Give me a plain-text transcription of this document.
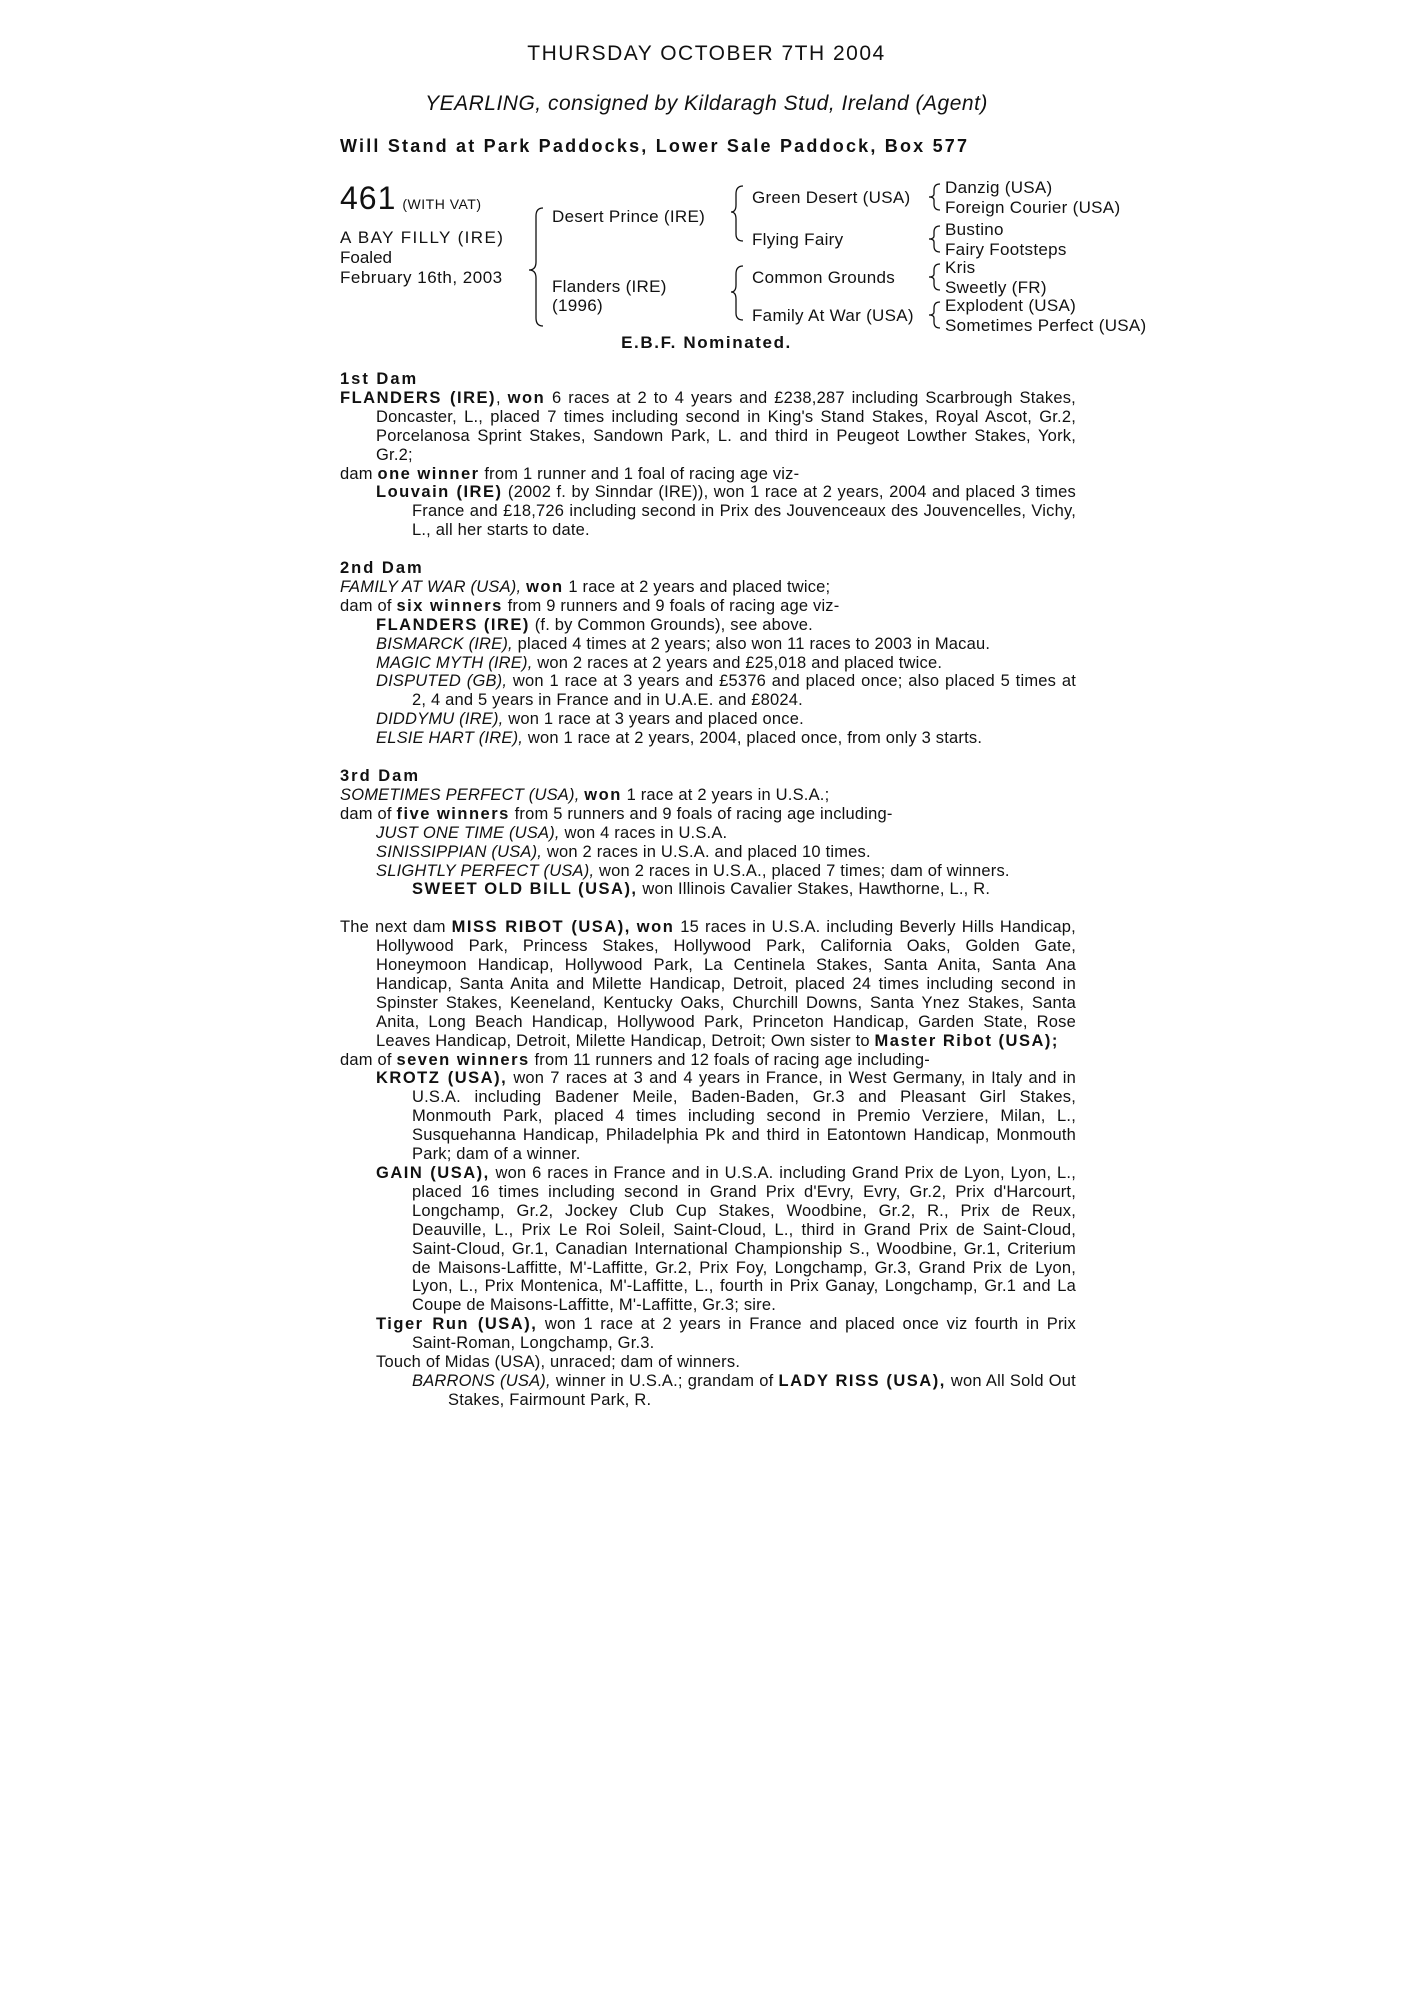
THURSDAY OCTOBER 7TH 2004
YEARLING, consigned by Kildaragh Stud, Ireland (Agent)
Will Stand at Park Paddocks, Lower Sale Paddock, Box 577
461 (WITH VAT)
A BAY FILLY (IRE)
Foaled
February 16th, 2003
Desert Prince (IRE)
Flanders (IRE)
(1996)
Green Desert (USA)
Flying Fairy
Common Grounds
Family At War (USA)
Danzig (USA)
Foreign Courier (USA)
Bustino
Fairy Footsteps
Kris
Sweetly (FR)
Explodent (USA)
Sometimes Perfect (USA)
E.B.F. Nominated.

1st Dam

FLANDERS (IRE), won 6 races at 2 to 4 years and £238,287 including Scarbrough Stakes, Doncaster, L., placed 7 times including second in King's Stand Stakes, Royal Ascot, Gr.2, Porcelanosa Sprint Stakes, Sandown Park, L. and third in Peugeot Lowther Stakes, York, Gr.2;

dam one winner from 1 runner and 1 foal of racing age viz-

Louvain (IRE) (2002 f. by Sinndar (IRE)), won 1 race at 2 years, 2004 and placed 3 times France and £18,726 including second in Prix des Jouvenceaux des Jouvencelles, Vichy, L., all her starts to date.

2nd Dam

FAMILY AT WAR (USA), won 1 race at 2 years and placed twice;

dam of six winners from 9 runners and 9 foals of racing age viz-

FLANDERS (IRE) (f. by Common Grounds), see above.

BISMARCK (IRE), placed 4 times at 2 years; also won 11 races to 2003 in Macau.

MAGIC MYTH (IRE), won 2 races at 2 years and £25,018 and placed twice.

DISPUTED (GB), won 1 race at 3 years and £5376 and placed once; also placed 5 times at 2, 4 and 5 years in France and in U.A.E. and £8024.

DIDDYMU (IRE), won 1 race at 3 years and placed once.

ELSIE HART (IRE), won 1 race at 2 years, 2004, placed once, from only 3 starts.

3rd Dam

SOMETIMES PERFECT (USA), won 1 race at 2 years in U.S.A.;

dam of five winners from 5 runners and 9 foals of racing age including-

JUST ONE TIME (USA), won 4 races in U.S.A.

SINISSIPPIAN (USA), won 2 races in U.S.A. and placed 10 times.

SLIGHTLY PERFECT (USA), won 2 races in U.S.A., placed 7 times; dam of winners.

SWEET OLD BILL (USA), won Illinois Cavalier Stakes, Hawthorne, L., R.

The next dam MISS RIBOT (USA), won 15 races in U.S.A. including Beverly Hills Handicap, Hollywood Park, Princess Stakes, Hollywood Park, California Oaks, Golden Gate, Honeymoon Handicap, Hollywood Park, La Centinela Stakes, Santa Anita, Santa Ana Handicap, Santa Anita and Milette Handicap, Detroit, placed 24 times including second in Spinster Stakes, Keeneland, Kentucky Oaks, Churchill Downs, Santa Ynez Stakes, Santa Anita, Long Beach Handicap, Hollywood Park, Princeton Handicap, Garden State, Rose Leaves Handicap, Detroit, Milette Handicap, Detroit; Own sister to Master Ribot (USA);

dam of seven winners from 11 runners and 12 foals of racing age including-

KROTZ (USA), won 7 races at 3 and 4 years in France, in West Germany, in Italy and in U.S.A. including Badener Meile, Baden-Baden, Gr.3 and Pleasant Girl Stakes, Monmouth Park, placed 4 times including second in Premio Verziere, Milan, L., Susquehanna Handicap, Philadelphia Pk and third in Eatontown Handicap, Monmouth Park; dam of a winner.

GAIN (USA), won 6 races in France and in U.S.A. including Grand Prix de Lyon, Lyon, L., placed 16 times including second in Grand Prix d'Evry, Evry, Gr.2, Prix d'Harcourt, Longchamp, Gr.2, Jockey Club Cup Stakes, Woodbine, Gr.2, R., Prix de Reux, Deauville, L., Prix Le Roi Soleil, Saint-Cloud, L., third in Grand Prix de Saint-Cloud, Saint-Cloud, Gr.1, Canadian International Championship S., Woodbine, Gr.1, Criterium de Maisons-Laffitte, M'-Laffitte, Gr.2, Prix Foy, Longchamp, Gr.3, Grand Prix de Lyon, Lyon, L., Prix Montenica, M'-Laffitte, L., fourth in Prix Ganay, Longchamp, Gr.1 and La Coupe de Maisons-Laffitte, M'-Laffitte, Gr.3; sire.

Tiger Run (USA), won 1 race at 2 years in France and placed once viz fourth in Prix Saint-Roman, Longchamp, Gr.3.

Touch of Midas (USA), unraced; dam of winners.

BARRONS (USA), winner in U.S.A.; grandam of LADY RISS (USA), won All Sold Out Stakes, Fairmount Park, R.
